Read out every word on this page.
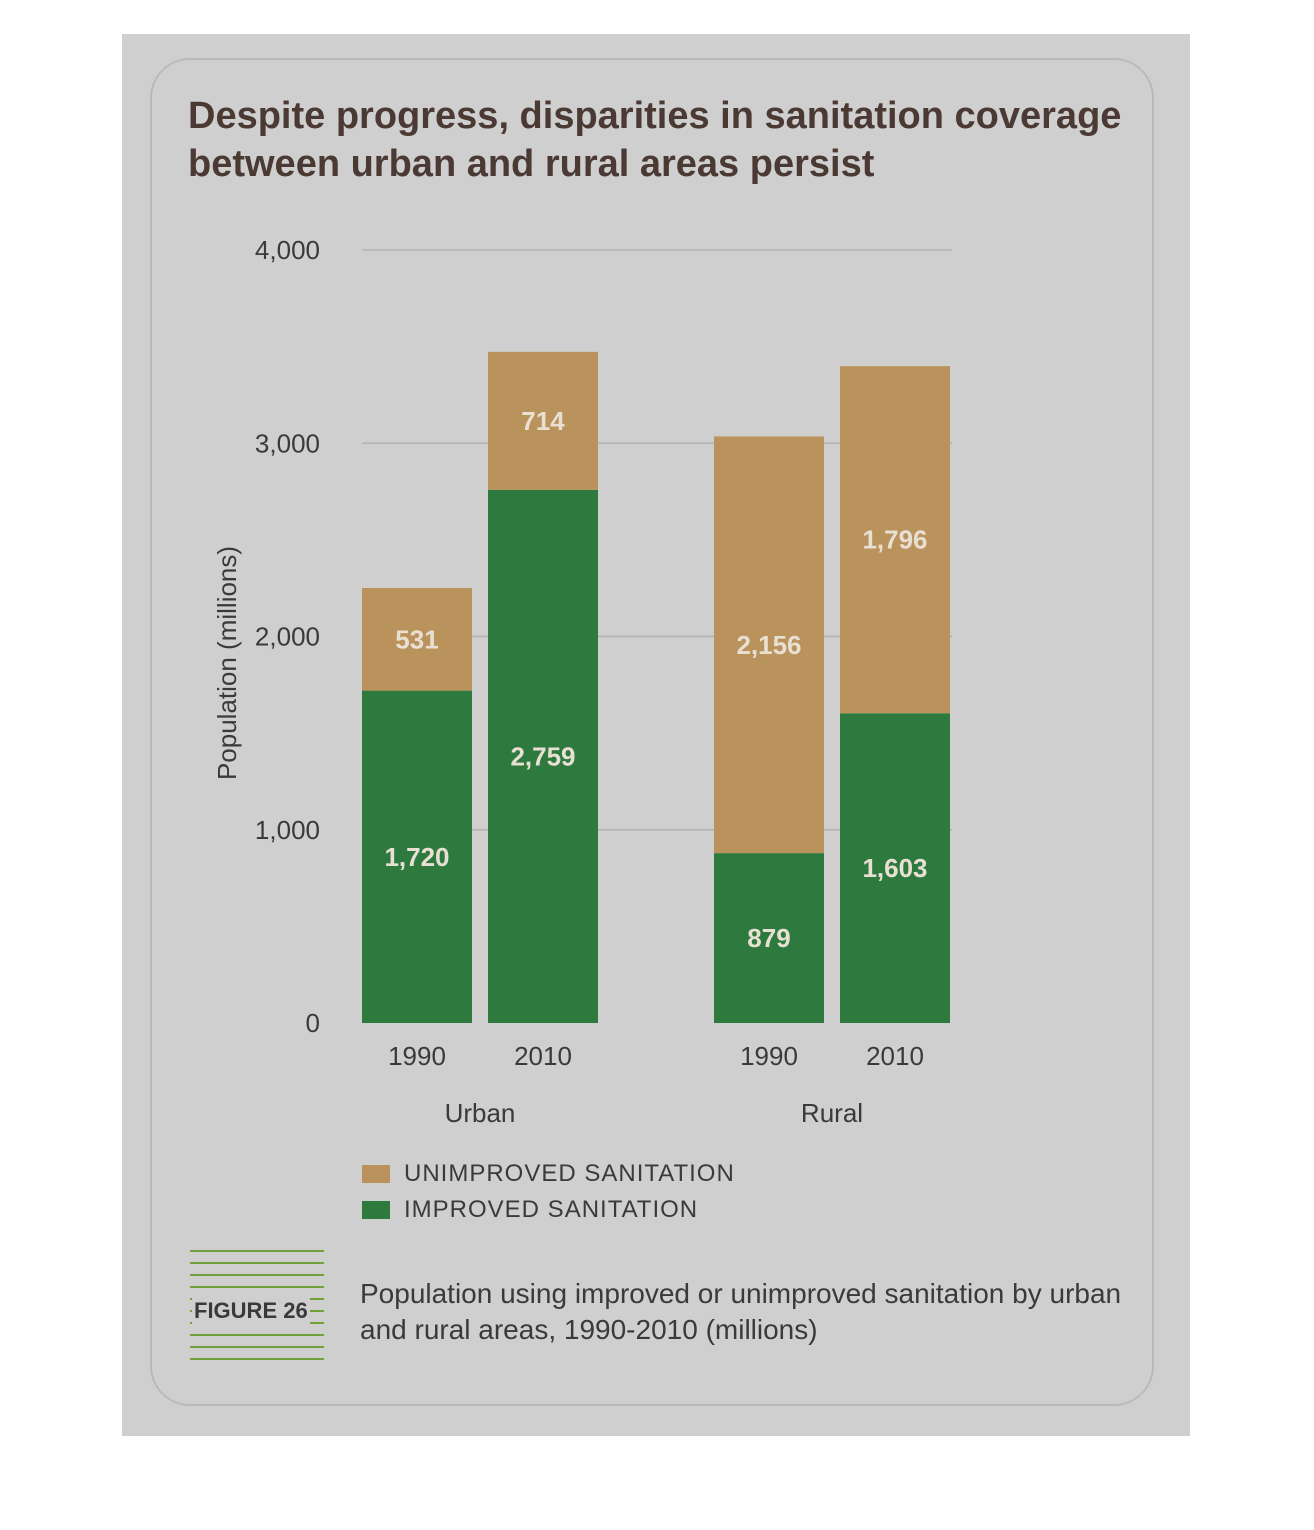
Despite progress, disparities in sanitation coverage between urban and rural areas persist
0
1,000
2,000
3,000
4,000
1,720
531
1990
2,759
714
2010
879
2,156
1990
1,603
1,796
2010
Urban	Rural
Population (millions)
UNIMPROVED SANITATION
IMPROVED SANITATION
FIGURE 26
Population using improved or unimproved sanitation by urban and rural areas, 1990-2010 (millions)
